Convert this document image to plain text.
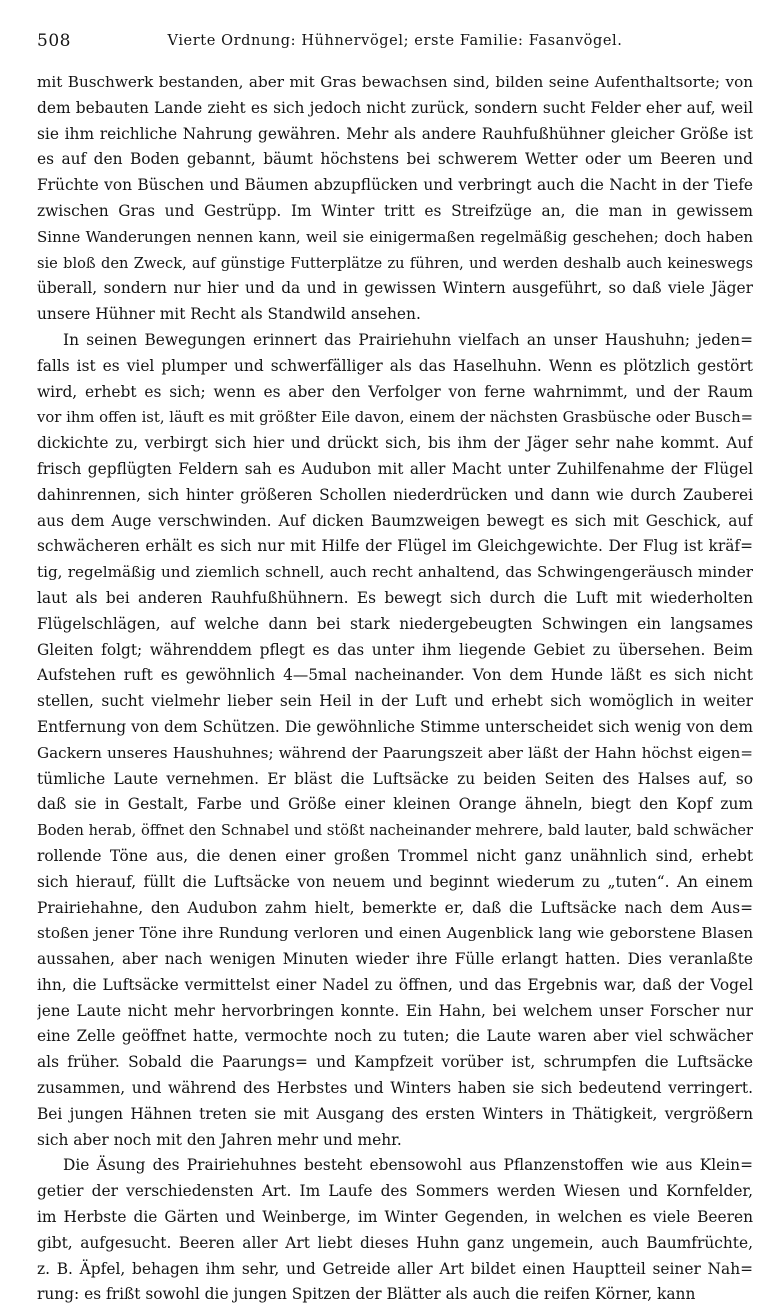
508	Vierte Ordnung: Hühnervögel; erste Familie: Fasanvögel.
mit Buschwerk bestanden, aber mit Gras bewachsen sind, bilden seine Aufenthaltsorte; von
dem bebauten Lande zieht es sich jedoch nicht zurück, sondern sucht Felder eher auf, weil
sie ihm reichliche Nahrung gewähren. Mehr als andere Rauhfußhühner gleicher Größe ist
es auf den Boden gebannt, bäumt höchstens bei schwerem Wetter oder um Beeren und
Früchte von Büschen und Bäumen abzupflücken und verbringt auch die Nacht in der Tiefe
zwischen Gras und Gestrüpp. Im Winter tritt es Streifzüge an, die man in gewissem
Sinne Wanderungen nennen kann, weil sie einigermaßen regelmäßig geschehen; doch haben
sie bloß den Zweck, auf günstige Futterplätze zu führen, und werden deshalb auch keineswegs
überall, sondern nur hier und da und in gewissen Wintern ausgeführt, so daß viele Jäger
unsere Hühner mit Recht als Standwild ansehen.
In seinen Bewegungen erinnert das Prairiehuhn vielfach an unser Haushuhn; jeden=
falls ist es viel plumper und schwerfälliger als das Haselhuhn. Wenn es plötzlich gestört
wird, erhebt es sich; wenn es aber den Verfolger von ferne wahrnimmt, und der Raum
vor ihm offen ist, läuft es mit größter Eile davon, einem der nächsten Grasbüsche oder Busch=
dickichte zu, verbirgt sich hier und drückt sich, bis ihm der Jäger sehr nahe kommt. Auf
frisch gepflügten Feldern sah es Audubon mit aller Macht unter Zuhilfenahme der Flügel
dahinrennen, sich hinter größeren Schollen niederdrücken und dann wie durch Zauberei
aus dem Auge verschwinden. Auf dicken Baumzweigen bewegt es sich mit Geschick, auf
schwächeren erhält es sich nur mit Hilfe der Flügel im Gleichgewichte. Der Flug ist kräf=
tig, regelmäßig und ziemlich schnell, auch recht anhaltend, das Schwingengeräusch minder
laut als bei anderen Rauhfußhühnern. Es bewegt sich durch die Luft mit wiederholten
Flügelschlägen, auf welche dann bei stark niedergebeugten Schwingen ein langsames
Gleiten folgt; währenddem pflegt es das unter ihm liegende Gebiet zu übersehen. Beim
Aufstehen ruft es gewöhnlich 4—5mal nacheinander. Von dem Hunde läßt es sich nicht
stellen, sucht vielmehr lieber sein Heil in der Luft und erhebt sich womöglich in weiter
Entfernung von dem Schützen. Die gewöhnliche Stimme unterscheidet sich wenig von dem
Gackern unseres Haushuhnes; während der Paarungszeit aber läßt der Hahn höchst eigen=
tümliche Laute vernehmen. Er bläst die Luftsäcke zu beiden Seiten des Halses auf, so
daß sie in Gestalt, Farbe und Größe einer kleinen Orange ähneln, biegt den Kopf zum
Boden herab, öffnet den Schnabel und stößt nacheinander mehrere, bald lauter, bald schwächer
rollende Töne aus, die denen einer großen Trommel nicht ganz unähnlich sind, erhebt
sich hierauf, füllt die Luftsäcke von neuem und beginnt wiederum zu „tuten“. An einem
Prairiehahne, den Audubon zahm hielt, bemerkte er, daß die Luftsäcke nach dem Aus=
stoßen jener Töne ihre Rundung verloren und einen Augenblick lang wie geborstene Blasen
aussahen, aber nach wenigen Minuten wieder ihre Fülle erlangt hatten. Dies veranlaßte
ihn, die Luftsäcke vermittelst einer Nadel zu öffnen, und das Ergebnis war, daß der Vogel
jene Laute nicht mehr hervorbringen konnte. Ein Hahn, bei welchem unser Forscher nur
eine Zelle geöffnet hatte, vermochte noch zu tuten; die Laute waren aber viel schwächer
als früher. Sobald die Paarungs= und Kampfzeit vorüber ist, schrumpfen die Luftsäcke
zusammen, und während des Herbstes und Winters haben sie sich bedeutend verringert.
Bei jungen Hähnen treten sie mit Ausgang des ersten Winters in Thätigkeit, vergrößern
sich aber noch mit den Jahren mehr und mehr.
Die Äsung des Prairiehuhnes besteht ebensowohl aus Pflanzenstoffen wie aus Klein=
getier der verschiedensten Art. Im Laufe des Sommers werden Wiesen und Kornfelder,
im Herbste die Gärten und Weinberge, im Winter Gegenden, in welchen es viele Beeren
gibt, aufgesucht. Beeren aller Art liebt dieses Huhn ganz ungemein, auch Baumfrüchte,
z. B. Äpfel, behagen ihm sehr, und Getreide aller Art bildet einen Hauptteil seiner Nah=
rung: es frißt sowohl die jungen Spitzen der Blätter als auch die reifen Körner, kann
